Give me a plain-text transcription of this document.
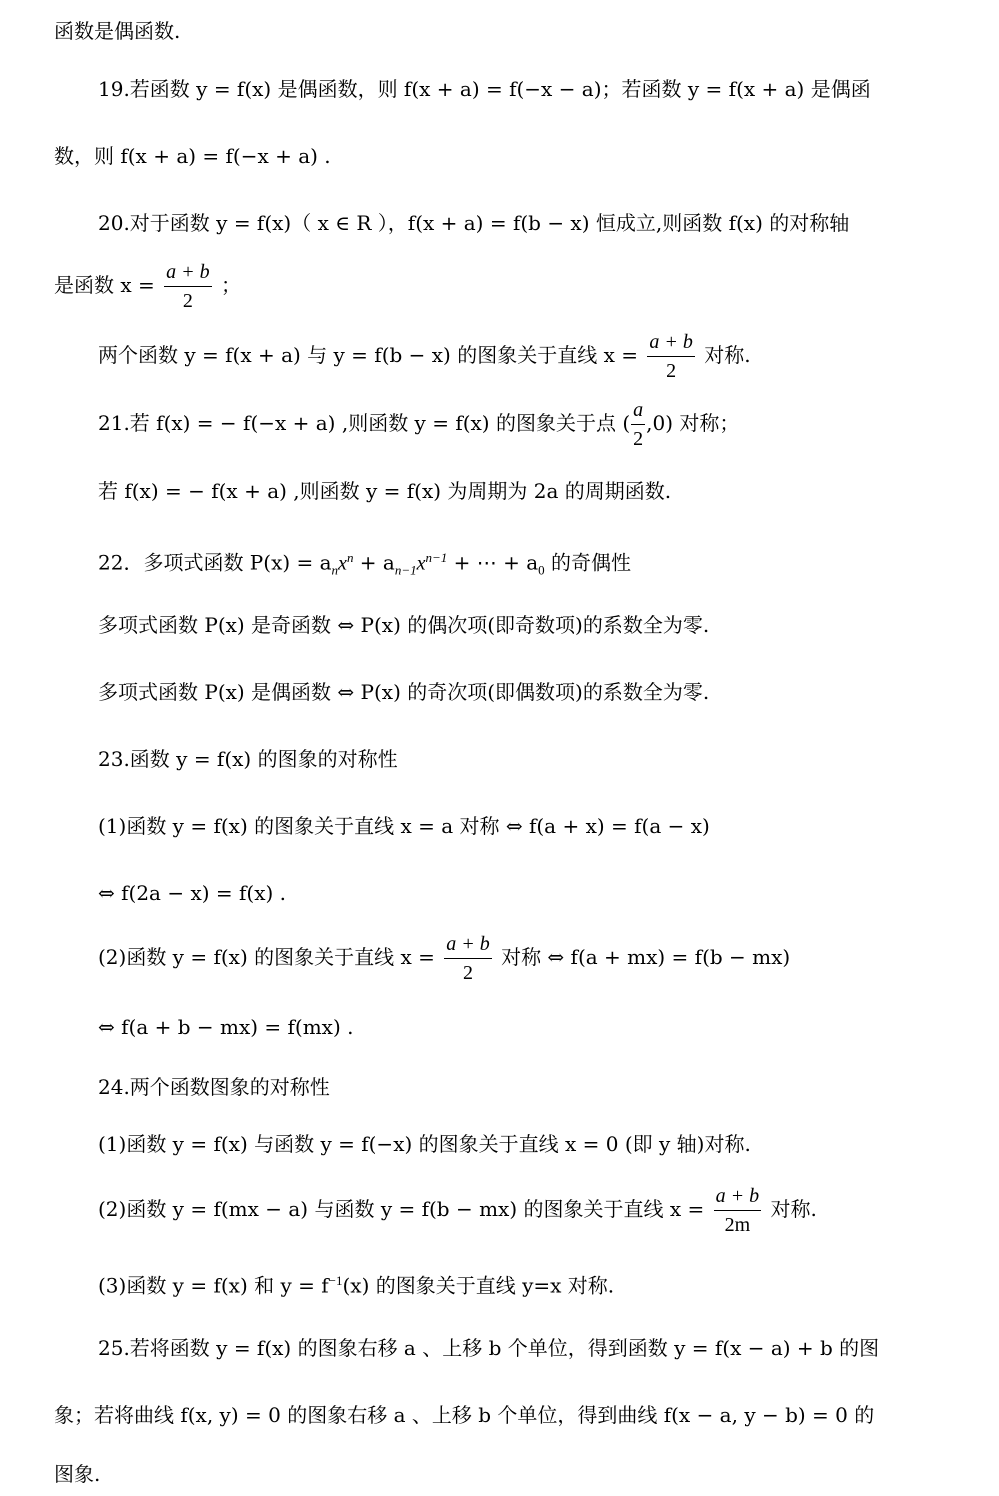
函数是偶函数.
19.若函数 y = f(x) 是偶函数，则 f(x + a) = f(−x − a)；若函数 y = f(x + a) 是偶函
数，则 f(x + a) = f(−x + a) .
20.对于函数 y = f(x)（ x ∈ R ），f(x + a) = f(b − x) 恒成立,则函数 f(x) 的对称轴
是函数 $x = \frac{a + b}{2}$ ；
两个函数 y = f(x + a) 与 y = f(b − x) 的图象关于直线 $x = \frac{a + b}{2}$ 对称.
21.若 f(x) = − f(−x + a) ,则函数 y = f(x) 的图象关于点 ( $\frac{a}{2} ,0$) 对称；
若 f(x) = − f(x + a) ,则函数 y = f(x) 为周期为 2a 的周期函数.
22．多项式函数 $P(x) = a_nx^n + a_{n-1}x^{n-1}$ + ⋯ + $a_0$ 的奇偶性
多项式函数 P(x) 是奇函数 ⇔ P(x) 的偶次项(即奇数项)的系数全为零.
多项式函数 P(x) 是偶函数 ⇔ P(x) 的奇次项(即偶数项)的系数全为零.
23.函数 y = f(x) 的图象的对称性
(1)函数 y = f(x) 的图象关于直线 x = a 对称 ⇔ f(a + x) = f(a − x)
⇔ f(2a − x) = f(x) .
(2)函数 y = f(x) 的图象关于直线 $x = \frac{a + b}{2}$ 对称 ⇔ f(a + mx) = f(b − mx)
⇔ f(a + b − mx) = f(mx) .
24.两个函数图象的对称性
(1)函数 y = f(x) 与函数 y = f(−x) 的图象关于直线 x = 0 (即 y 轴)对称.
(2)函数 y = f(mx − a) 与函数 y = f(b − mx) 的图象关于直线 $x = \frac{a + b}{2m}$ 对称.
(3)函数 y = f(x) 和 $y = f^{-1}(x)$ 的图象关于直线 y=x 对称.
25.若将函数 y = f(x) 的图象右移 a 、上移 b 个单位，得到函数 y = f(x − a) + b 的图
象；若将曲线 f(x, y) = 0 的图象右移 a 、上移 b 个单位，得到曲线 f(x − a, y − b) = 0 的
图象.
